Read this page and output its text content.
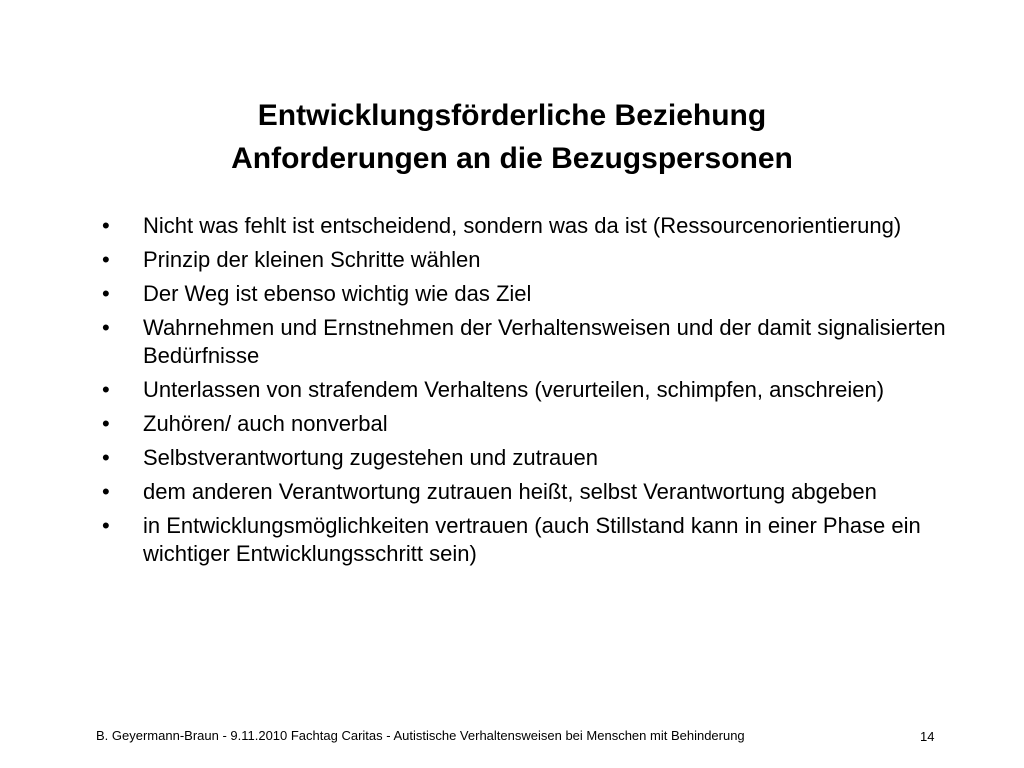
Entwicklungsförderliche Beziehung
Anforderungen an die Bezugspersonen
• Nicht was fehlt ist entscheidend, sondern was da ist (Ressourcenorientierung)
• Prinzip der kleinen Schritte wählen
• Der Weg ist ebenso wichtig wie das Ziel
• Wahrnehmen und Ernstnehmen der Verhaltensweisen und der damit signalisierten Bedürfnisse
• Unterlassen von strafendem Verhaltens (verurteilen, schimpfen, anschreien)
• Zuhören/ auch nonverbal
• Selbstverantwortung zugestehen und zutrauen
• dem anderen Verantwortung zutrauen heißt, selbst Verantwortung abgeben
• in Entwicklungsmöglichkeiten vertrauen (auch Stillstand kann in einer Phase ein wichtiger Entwicklungsschritt sein)
B. Geyermann-Braun - 9.11.2010 Fachtag Caritas - Autistische Verhaltensweisen bei Menschen mit Behinderung	14
